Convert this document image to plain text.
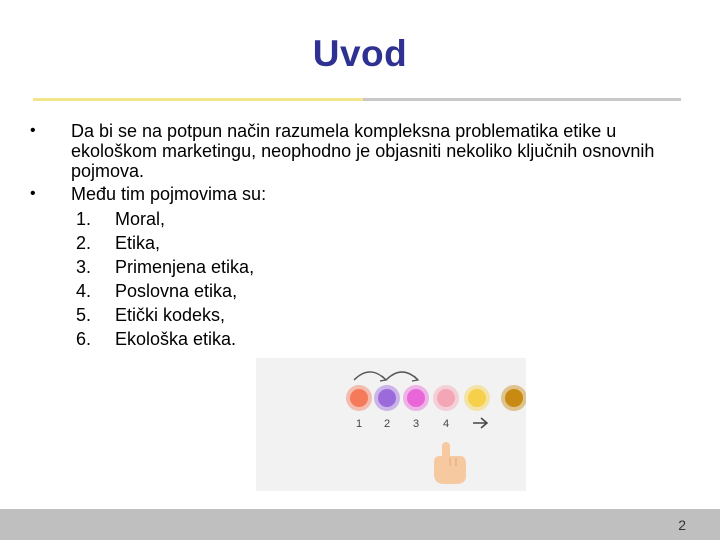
Uvod
• Da bi se na potpun način razumela kompleksna problematika etike u ekološkom marketingu, neophodno je objasniti nekoliko ključnih osnovnih pojmova.
• Među tim pojmovima su:
1. Moral,
2. Etika,
3. Primenjena etika,
4. Poslovna etika,
5. Etički kodeks,
6. Ekološka etika.
1 2 3 4
2
